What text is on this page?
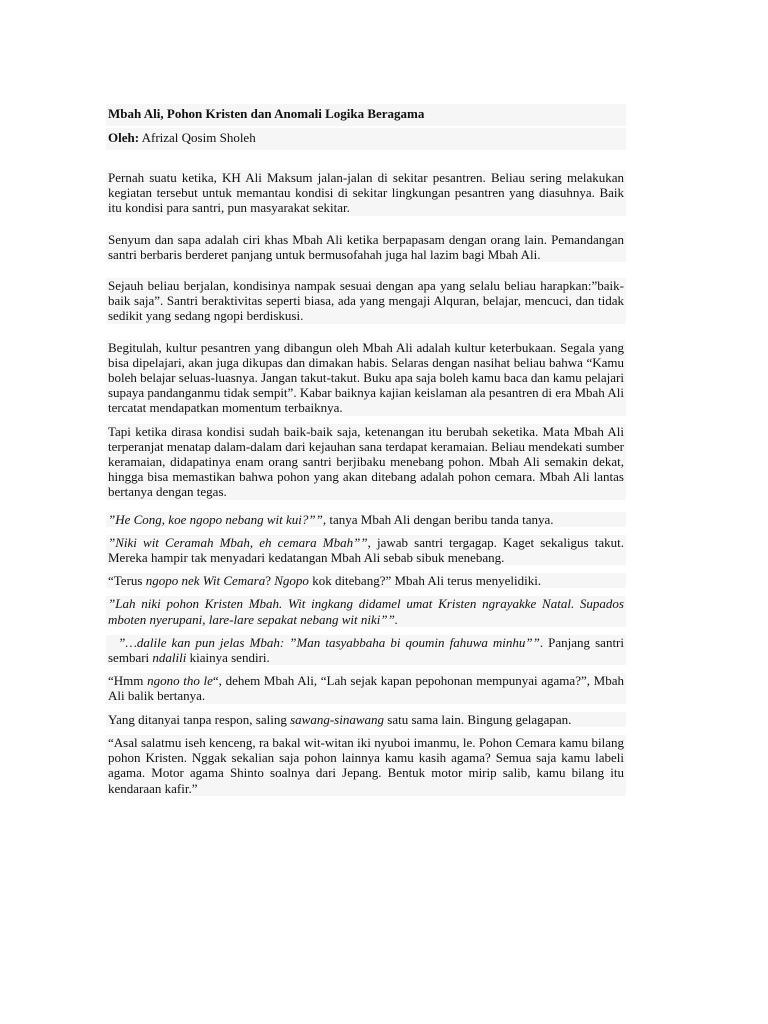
Mbah Ali, Pohon Kristen dan Anomali Logika Beragama
Oleh: Afrizal Qosim Sholeh
Pernah suatu ketika, KH Ali Maksum jalan-jalan di sekitar pesantren. Beliau sering melakukan kegiatan tersebut untuk memantau kondisi di sekitar lingkungan pesantren yang diasuhnya. Baik itu kondisi para santri, pun masyarakat sekitar.
Senyum dan sapa adalah ciri khas Mbah Ali ketika berpapasam dengan orang lain. Pemandangan santri berbaris berderet panjang untuk bermusofahah juga hal lazim bagi Mbah Ali.
Sejauh beliau berjalan, kondisinya nampak sesuai dengan apa yang selalu beliau harapkan:”baik-baik saja”. Santri beraktivitas seperti biasa, ada yang mengaji Alquran, belajar, mencuci, dan tidak sedikit yang sedang ngopi berdiskusi.
Begitulah, kultur pesantren yang dibangun oleh Mbah Ali adalah kultur keterbukaan. Segala yang bisa dipelajari, akan juga dikupas dan dimakan habis. Selaras dengan nasihat beliau bahwa “Kamu boleh belajar seluas-luasnya. Jangan takut-takut. Buku apa saja boleh kamu baca dan kamu pelajari supaya pandanganmu tidak sempit”. Kabar baiknya kajian keislaman ala pesantren di era Mbah Ali tercatat mendapatkan momentum terbaiknya.
Tapi ketika dirasa kondisi sudah baik-baik saja, ketenangan itu berubah seketika. Mata Mbah Ali terperanjat menatap dalam-dalam dari kejauhan sana terdapat keramaian. Beliau mendekati sumber keramaian, didapatinya enam orang santri berjibaku menebang pohon. Mbah Ali semakin dekat, hingga bisa memastikan bahwa pohon yang akan ditebang adalah pohon cemara. Mbah Ali lantas bertanya dengan tegas.
”He Cong, koe ngopo nebang wit kui?””, tanya Mbah Ali dengan beribu tanda tanya.
”Niki wit Ceramah Mbah, eh cemara Mbah””, jawab santri tergagap. Kaget sekaligus takut. Mereka hampir tak menyadari kedatangan Mbah Ali sebab sibuk menebang.
“Terus ngopo nek Wit Cemara? Ngopo kok ditebang?” Mbah Ali terus menyelidiki.
”Lah niki pohon Kristen Mbah. Wit ingkang didamel umat Kristen ngrayakke Natal. Supados mboten nyerupani, lare-lare sepakat nebang wit niki””.
”…dalile kan pun jelas Mbah: ”Man tasyabbaha bi qoumin fahuwa minhu””. Panjang santri sembari ndalili kiainya sendiri.
“Hmm ngono tho le“, dehem Mbah Ali, “Lah sejak kapan pepohonan mempunyai agama?”, Mbah Ali balik bertanya.
Yang ditanyai tanpa respon, saling sawang-sinawang satu sama lain. Bingung gelagapan.
“Asal salatmu iseh kenceng, ra bakal wit-witan iki nyuboi imanmu, le. Pohon Cemara kamu bilang pohon Kristen. Nggak sekalian saja pohon lainnya kamu kasih agama? Semua saja kamu labeli agama. Motor agama Shinto soalnya dari Jepang. Bentuk motor mirip salib, kamu bilang itu kendaraan kafir.”
